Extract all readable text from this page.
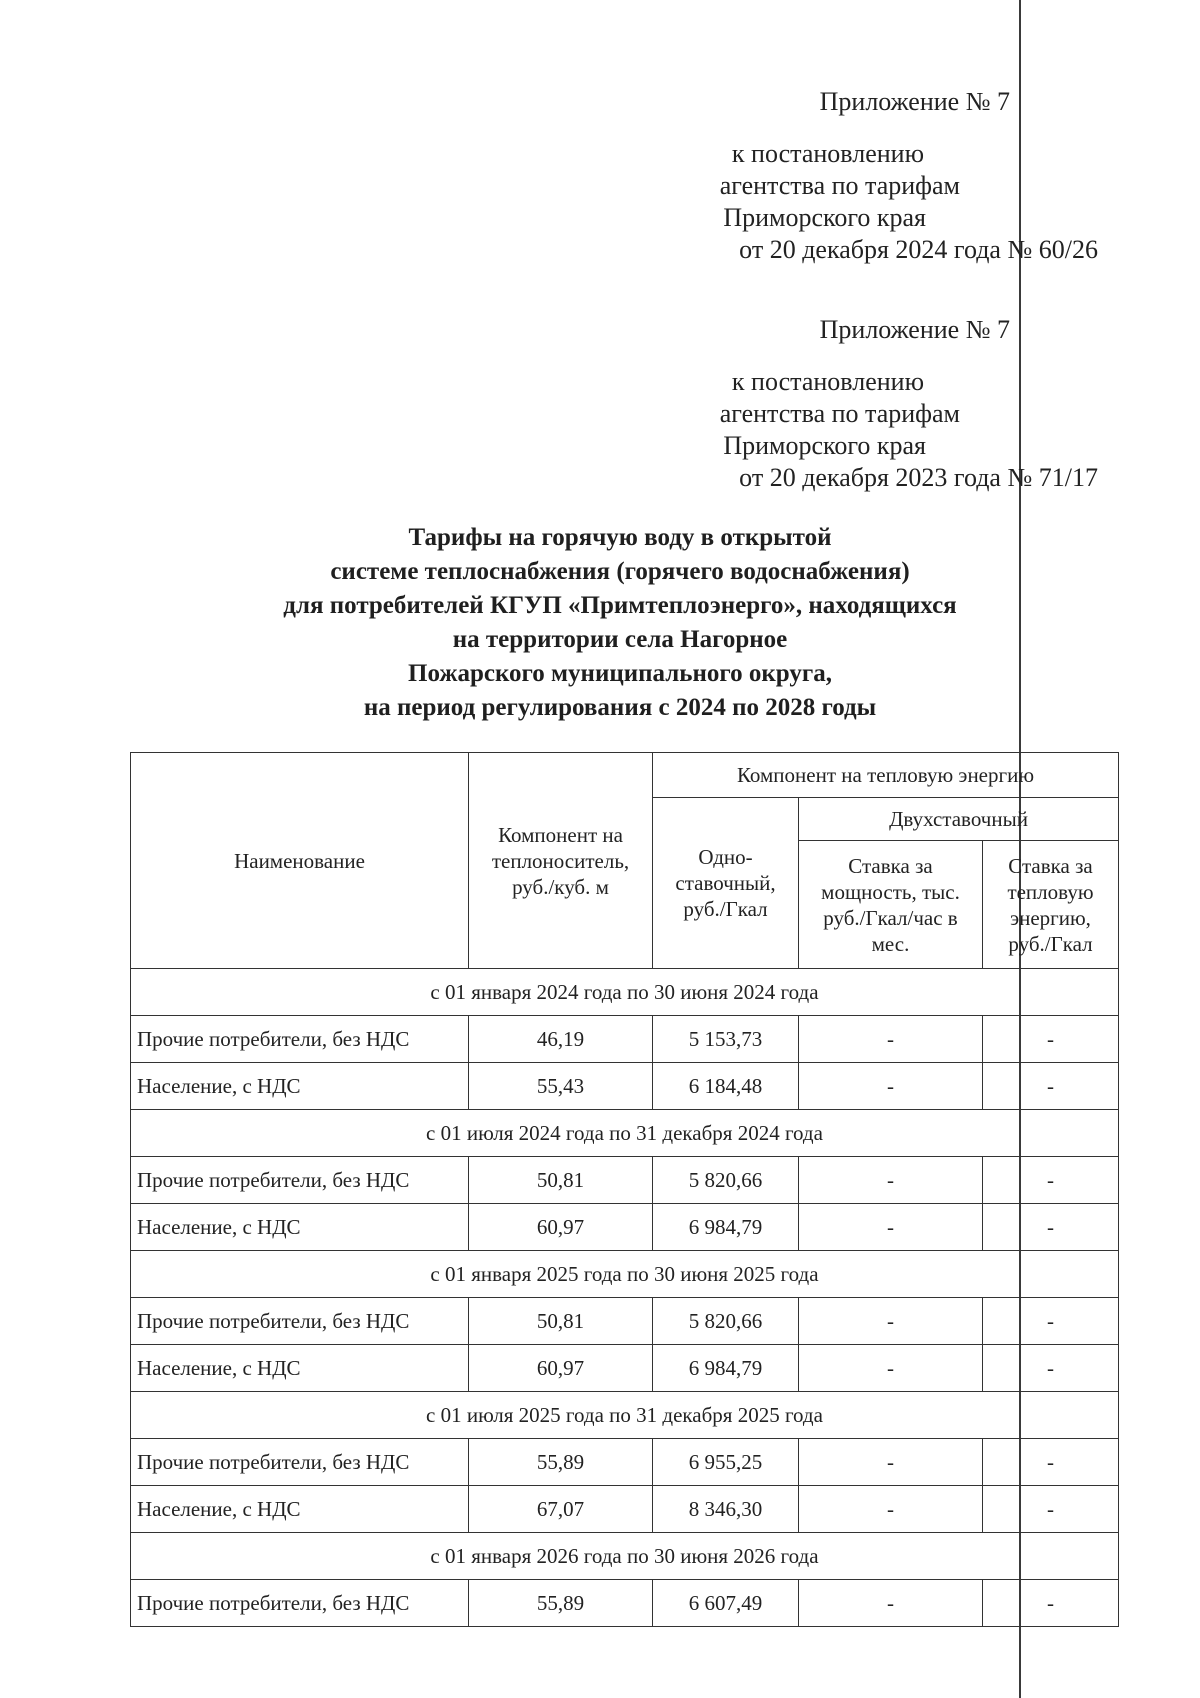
Приложение № 7
к постановлению
агентства по тарифам
Приморского края
от 20 декабря 2024 года № 60/26
Приложение № 7
к постановлению
агентства по тарифам
Приморского края
от 20 декабря 2023 года № 71/17
Тарифы на горячую воду в открытой
системе теплоснабжения (горячего водоснабжения)
для потребителей КГУП «Примтеплоэнерго», находящихся
на территории села Нагорное
Пожарского муниципального округа,
на период регулирования с 2024 по 2028 годы
Наименование	Компонент на теплоноситель, руб./куб. м	Компонент на тепловую энергию		
		Одно-ставочный, руб./Гкал	Двухставочный	
			Ставка за мощность, тыс. руб./Гкал/час в мес.	Ставка за тепловую энергию, руб./Гкал
с 01 января 2024 года по 30 июня 2024 года				
Прочие потребители, без НДС	46,19	5 153,73	-	-
Население, с НДС	55,43	6 184,48	-	-
с 01 июля 2024 года по 31 декабря 2024 года				
Прочие потребители, без НДС	50,81	5 820,66	-	-
Население, с НДС	60,97	6 984,79	-	-
с 01 января 2025 года по 30 июня 2025 года				
Прочие потребители, без НДС	50,81	5 820,66	-	-
Население, с НДС	60,97	6 984,79	-	-
с 01 июля 2025 года по 31 декабря 2025 года				
Прочие потребители, без НДС	55,89	6 955,25	-	-
Население, с НДС	67,07	8 346,30	-	-
с 01 января 2026 года по 30 июня 2026 года				
Прочие потребители, без НДС	55,89	6 607,49	-	-
